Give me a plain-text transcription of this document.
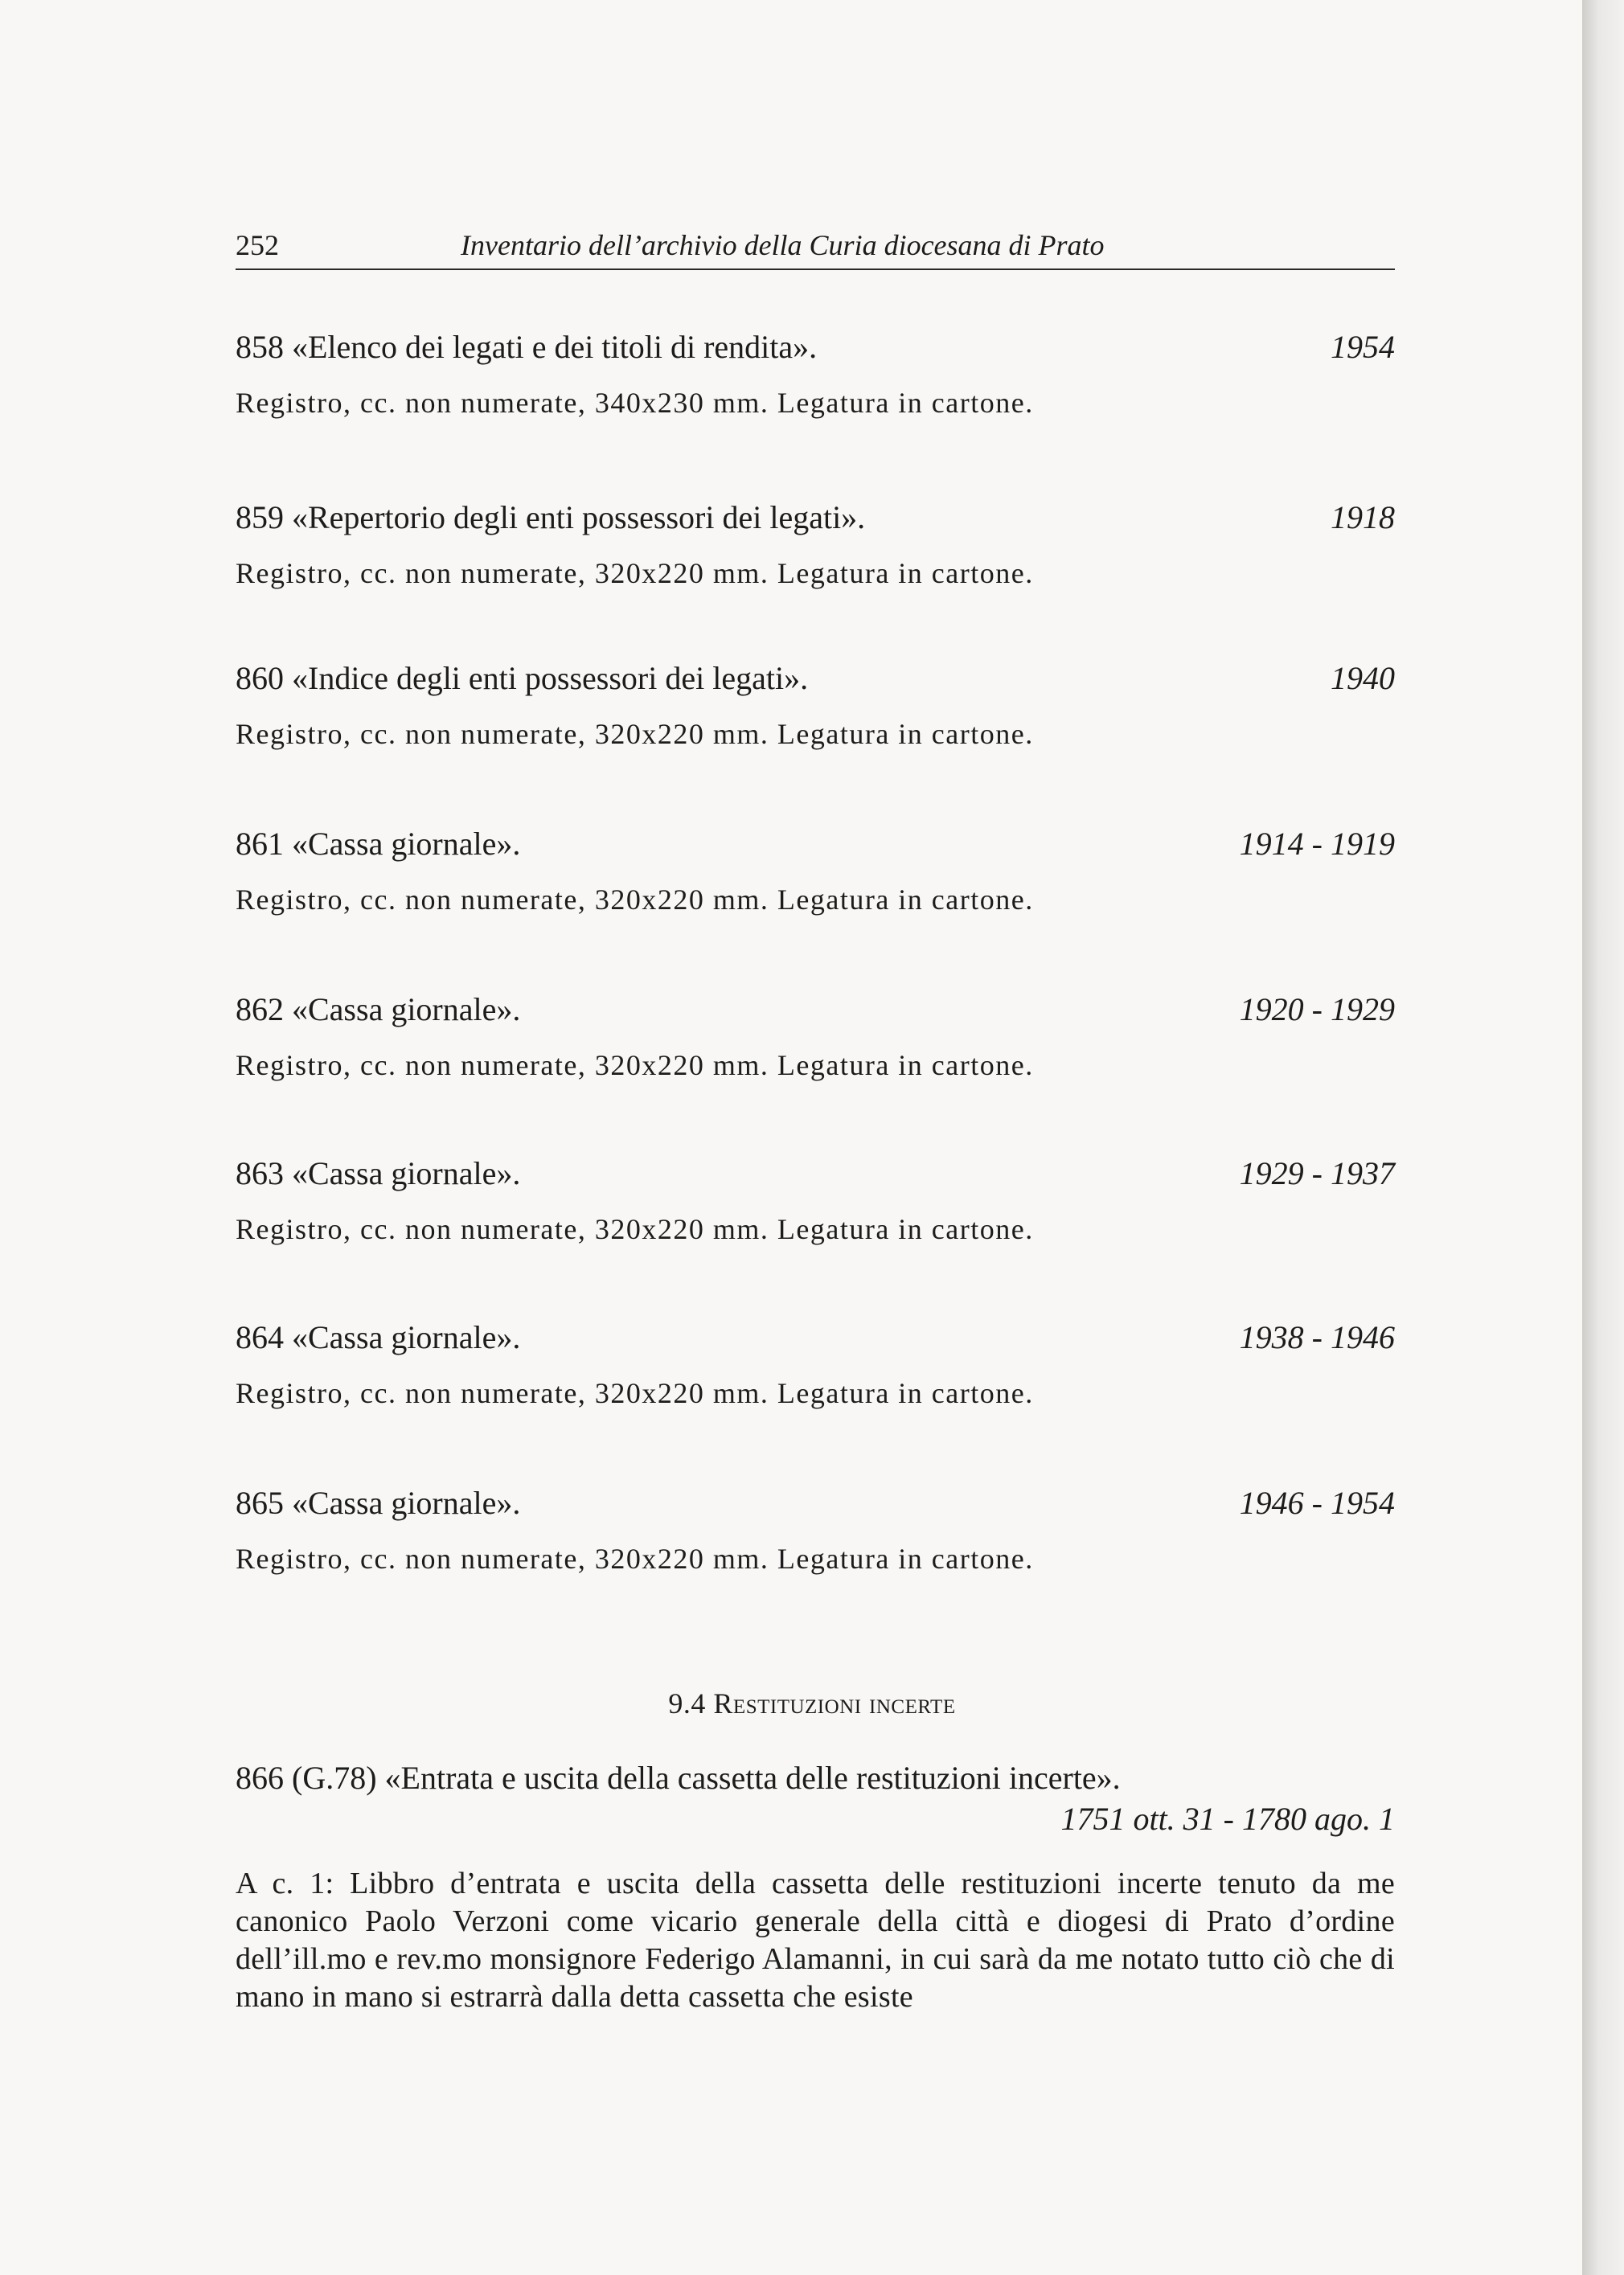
252	Inventario dell’archivio della Curia diocesana di Prato
858 «Elenco dei legati e dei titoli di rendita».	1954
Registro, cc. non numerate, 340x230 mm. Legatura in cartone.
859 «Repertorio degli enti possessori dei legati».	1918
Registro, cc. non numerate, 320x220 mm. Legatura in cartone.
860 «Indice degli enti possessori dei legati».	1940
Registro, cc. non numerate, 320x220 mm. Legatura in cartone.
861 «Cassa giornale».	1914 - 1919
Registro, cc. non numerate, 320x220 mm. Legatura in cartone.
862 «Cassa giornale».	1920 - 1929
Registro, cc. non numerate, 320x220 mm. Legatura in cartone.
863 «Cassa giornale».	1929 - 1937
Registro, cc. non numerate, 320x220 mm. Legatura in cartone.
864 «Cassa giornale».	1938 - 1946
Registro, cc. non numerate, 320x220 mm. Legatura in cartone.
865 «Cassa giornale».	1946 - 1954
Registro, cc. non numerate, 320x220 mm. Legatura in cartone.
9.4 Restituzioni incerte
866 (G.78) «Entrata e uscita della cassetta delle restituzioni incerte».
1751 ott. 31 - 1780 ago. 1
A c. 1: Libbro d’entrata e uscita della cassetta delle restituzioni incerte tenuto da me canonico Paolo Verzoni come vicario generale della città e diogesi di Prato d’ordine dell’ill.mo e rev.mo monsignore Federigo Alamanni, in cui sarà da me notato tutto ciò che di mano in mano si estrarrà dalla detta cassetta che esiste
